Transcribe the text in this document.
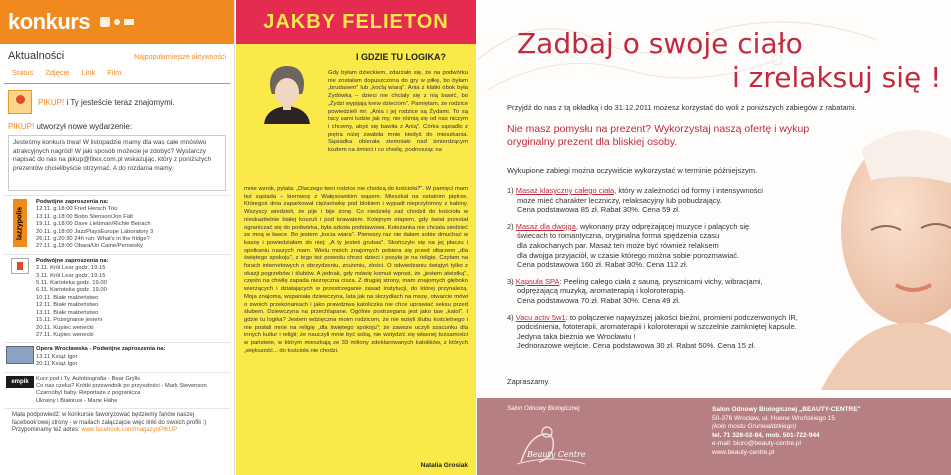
konkurs
Aktualności	Najpopularniejsze aktywności
Status Zdjęcie Link Film
PIKUP! i Ty jesteście teraz znajomymi.
PIKUP! utworzył nowe wydarzenie:
Jesteśmy konkurs trwa! W listopadzie mamy dla was całe mnóstwo atrakcyjnych nagród! W jaki sposób możecie je zdobyć? Wystarczy napisać do nas na pikup@fitex.com.pl wskazując, który z poniższych prezentów chcielibyście otrzymać. A do rozdania mamy:
lazzypolis
Podwójne zaproszenia na:
12.11. g.18:00 Fred Hersch Trio
13.11. g.18:00 Bobo Stenson/Jon Fält
19.11. g.18:00 Dave Liebman/Richie Beirach
20.11. g.18:00 JazzPlaysEurope Laboratory 3
26.11. g.20:30 24h run: What's in the fridge?
27.11. g.18:00 Obara/Uri Caine/Perowsky
Podwójne zaproszenia na:
2.11. Król Lear godz. 19.15
3.11. Król Lear godz. 19.15
5.11. Kartoteka godz. 19.00
6.11. Kartoteka godz. 19.00
10.11. Białe małżeństwo
12.11. Białe małżeństwo
13.11. Białe małżeństwo
15.11. Pożegnanie jesieni
20.11. Kupiec wenecki
27.11. Kupiec wenecki
Opera Wrocławska - Podwójne zaproszenia na:
13.11 Książ Igor
20.11 Książ Igor
empik	Kurz pod i Ty. Autobiografia - Bear Grylls
Co nas czeka? Krótki przewodnik po przyszłości - Mark Stevenson
Czarnobyl baby. Reportaże z pogranicza
Ukrainy i Białorusi - Marie Hähe
Mała podpowiedź: w konkursie faworyzować będziemy fanów naszej facebook'owej strony - w mailach załączajcie więc linki do swoich profili :)
Przypominamy też adres: www.facebook.com/magazynPIKUP
JAKBY FELIETON
I GDZIE TU LOGIKA?
Gdy byłam dzieckiem, zdarzało się, że na podwórku nie zostałam dopuszczona do gry w piłkę, bo byłam „brudasem" lub „koclą wiarą". Ania z klatki obok była Żydówką – dzieci nie chciały się z nią bawić, bo „Żydzi wypijają krew dzieciom". Pamiętam, że rodzice powiedzieli mi: „Ania i jej rodzice są Żydami. To są tacy sami ludzie jak my, nie różnią się od nas niczym i chcemy, abyś się bawiła z Anią". Córka sąsiadki z piętra niżej zwabiła mnie kiedyś do mieszkania. Sąsiadka obierała ziemniaki nad śmierdzącym kozłem na śmieci i co chwilę, podnosząc na
mnie wzrok, pytała: „Dlaczego twoi rodzice nie chodzą do kościoła?". W pamięci mam też sąsiada – kierowcę z Wałęsowskim wąsem. Mieszkał na ostatnim piętrze. Któregoś dnia zaparkował ciężarówkę pod blokiem i wypadł nieprzytomny z kabiny. Wszyscy wiedzieli, że pije i bije żonę. Co niedzielę zaś chodził do kościoła w nieskazitelnie białej koszuli i pod krawatem. Kolejnym etapem, gdy świat przestał ograniczać się do podwórka, była szkoła podstawowa. Koleżanka nie chciała siedzieć ze mną w ławce. Bo jestem „kocia wiara". Pierwszy raz nie dałam sobie dmuchać w kaszę i powiedziałam do niej: „A ty jesteś grubas". Skończyło się na jej płaczu i spotkaniu naszych mam. Wielu moich znajomych pobiera się przed ołtarzem „dla świętego spokoju", z tego też powodu chrzci dzieci i posyła je na religię. Czytam na forach internetowych o obrzydzeniu, zrużeniu, złości. O odwiedzaniu świątyń tylko z okazji pogrzebów i ślubów. A jednak, gdy mówię komuś wprost, że „jestem ateistką", często na chwilę zapada niezręczna cisza. Z drugiej strony, mam znajomych głęboko wierzących i działających w przestrzeganie zasad instytucji, do której przynależą. Moja znajoma, wspaniała dziewczyna, lata jak na skrzydłach na mszę, otwarcie mówi o swoich przekonaniach i jako prawdziwa katoliczka nie chce uprawiać seksu przed ślubem. Dziewczyna na przechlapane. Ogólnie postrzegana jest jako taw „katol". I gdzie tu logika? Jestem wdzięczna moim rodzicom, że nie wzięli ślubu kościelnego i nie posłali mnie na religię „dla świętego spokoju"; że zawsze uczyli szacunku dla innych kultur i religii; że nauczyli mnie być sobą, nie wstydzić się własnej tożsamości w państwie, w którym mieszkają ze 33 miliony zdeklarowanych katolików, z których „większość... do kościoła nie chodzi.
Natalia Grosiak
Zadbaj o swoje ciało
i zrelaksuj się !
Przyjdź do nas z tą okładką i do 31.12.2011 możesz korzystać do woli z poniższych zabiegów z rabatami.
Nie masz pomysłu na prezent? Wykorzystaj naszą ofertę i wykup oryginalny prezent dla bliskiej osoby.
Wykupione zabiegi można oczywiście wykorzystać w terminie późniejszym.
1) Masaż klasyczny całego ciała, który w zależności od formy i intensywności
może mieć charakter leczniczy, relaksacyjny lub pobudzający.
Cena podstawowa 85 zł. Rabat 30%. Cena 59 zł.
2) Masaż dla dwojga, wykonany przy odprężającej muzyce i palących się
świecach to romantyczna, oryginalna forma spędzenia czasu
dla zakochanych par. Masaż ten może być również relaksem
dla dwojga przyjaciół, w czasie którego można sobie porozmawiać.
Cena podstawowa 160 zł. Rabat 30%. Cena 112 zł.
3) Kapsuła SPA: Peeling całego ciała z sauną, prysznicami vichy, wibracjami,
odprężającą muzyką, aromaterapią i koloroterapią.
Cena podstawowa 70 zł. Rabat 30%. Cena 49 zł.
4) Vacu activ 5w1: to połączenie najwyższej jakości bieżni, promieni podczerwonych IR,
podciśnienia, fototerapii, aromaterapii i koloroterapii w szczelnie zamkniętej kapsule.
Jedyna taka bieżnia we Wrocławiu !
Jednorazowe wejście. Cena podstawowa 30 zł. Rabat 50%. Cena 15 zł.
Zapraszamy.
Salon Odnowy Biologicznej
Beauty Centre
Salon Odnowy Biologicznej „BEAUTY-CENTRE"
50-376 Wrocław, ul. Hoene Wrońskiego 15
(koło mostu Grunwaldzkiego)
tel. 71 328-02-84, mob. 501-722-944
e-mail: biuro@beauty-centre.pl
www.beauty-centre.pl
